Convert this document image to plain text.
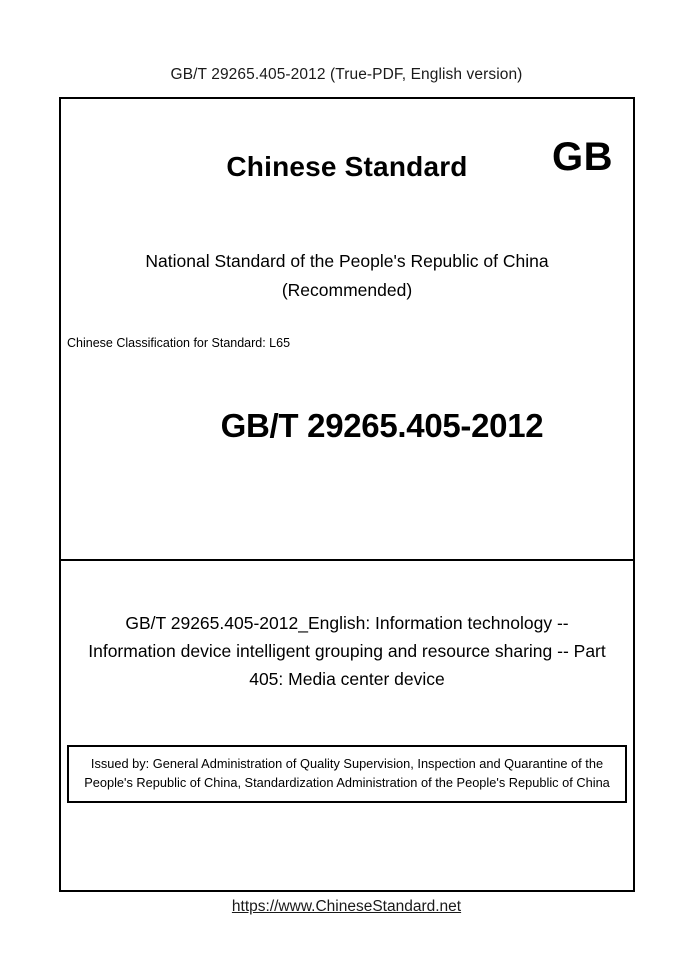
GB/T 29265.405-2012 (True-PDF, English version)
Chinese Standard	GB
National Standard of the People's Republic of China
(Recommended)
Chinese Classification for Standard: L65
GB/T 29265.405-2012
GB/T 29265.405-2012_English: Information technology -- Information device intelligent grouping and resource sharing -- Part 405: Media center device
Issued by: General Administration of Quality Supervision, Inspection and Quarantine of the People's Republic of China, Standardization Administration of the People's Republic of China
https://www.ChineseStandard.net
